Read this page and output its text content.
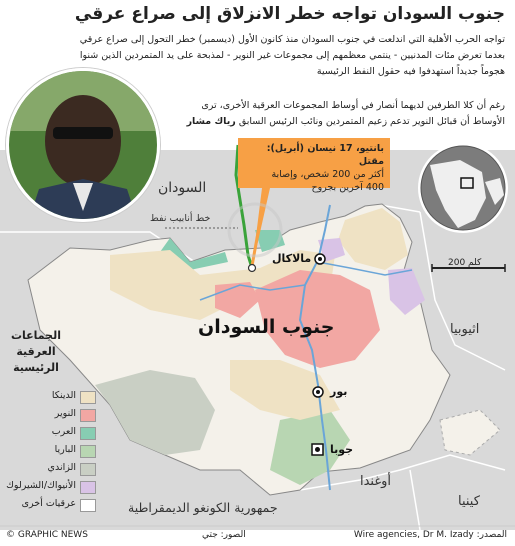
جنوب السودان تواجه خطر الانزلاق إلى صراع عرقي
تواجه الحرب الأهلية التي اندلعت في جنوب السودان منذ كانون الأول (ديسمبر) خطر التحول إلى صراع عرقي بعدما تعرض مئات المدنيين - ينتمي معظمهم إلى مجموعات غير النوير - لمذبحة على يد المتمردين الذين شنوا هجوماً جديداً استهدفوا فيه حقول النفط الرئيسية
رغم أن كلا الطرفين لديهما أنصار في أوساط المجموعات العرقية الأخرى، ترى الأوساط أن قبائل النوير تدعم زعيم المتمردين ونائب الرئيس السابق رياك مشار
بانتيو، 17 نيسان (أبريل): مقتل
أكثر من 200 شخص، وإصابة
400 آخرين بجروح
السودان
خط أنابيب نفط
مالاكال
بور
جوبا
جنوب السودان	اثيوبيا
أوغندا
كينيا
جمهورية الكونغو الديمقراطية
200 كلم
الجماعات
العرقية
الرئيسية
الدينكا
النوير
العرب
الباريا
الزاندي
الأنيواك/الشيرلوك
عرقيات أخرى
© GRAPHIC NEWS	الصور: جتي	المصدر: Wire agencies, Dr M. Izady
